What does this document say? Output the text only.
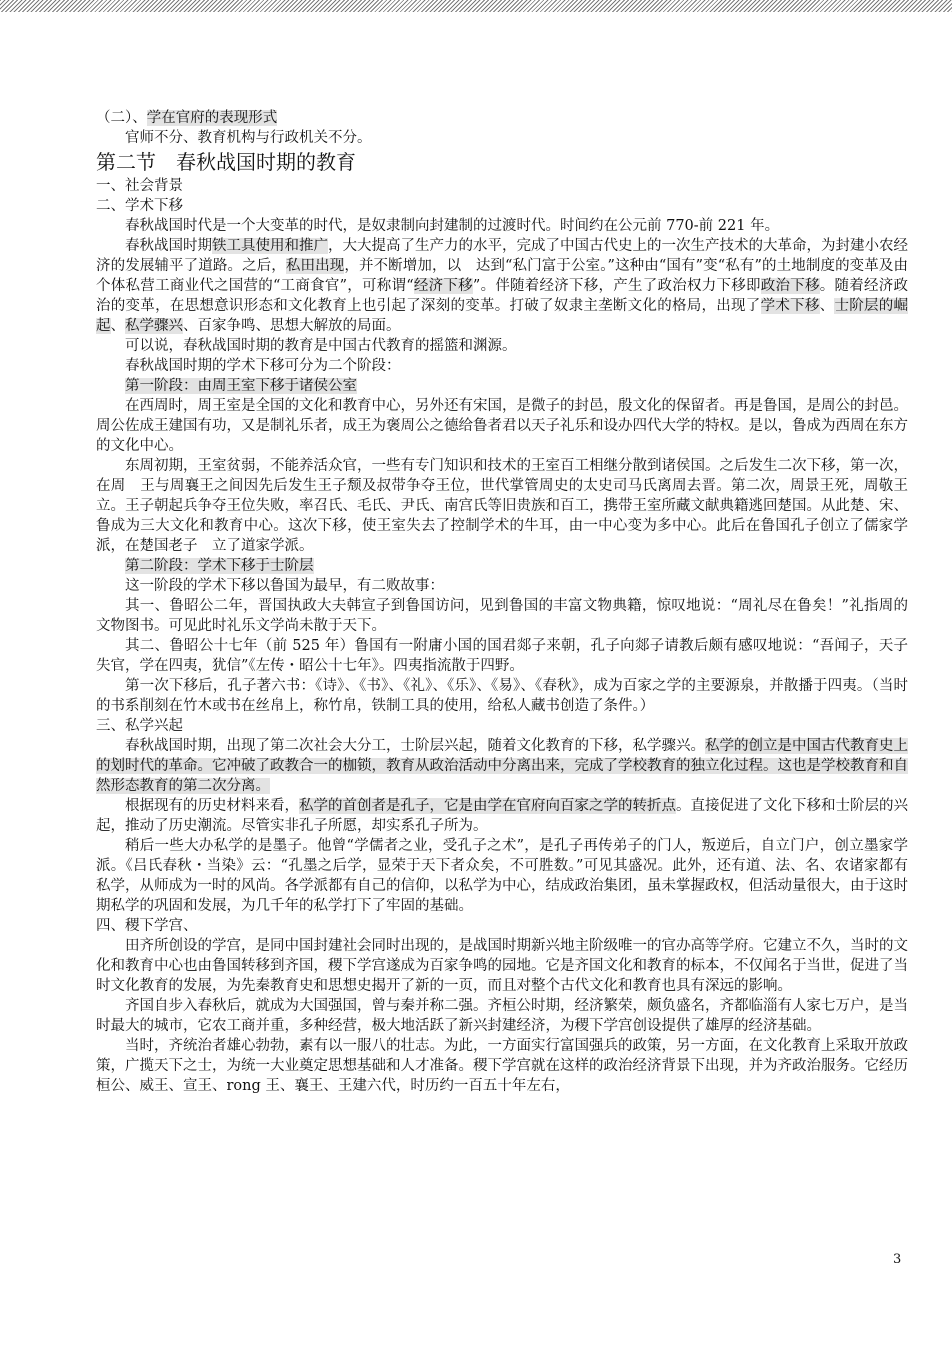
（二）、学在官府的表现形式

官师不分、教育机构与行政机关不分。

第二节　春秋战国时期的教育

一、社会背景

二、学术下移

春秋战国时代是一个大变革的时代，是奴隶制向封建制的过渡时代。时间约在公元前 770-前 221 年。

春秋战国时期铁工具使用和推广，大大提高了生产力的水平，完成了中国古代史上的一次生产技术的大革命，为封建小农经济的发展辅平了道路。之后，私田出现，并不断增加，以　达到“私门富于公室。”这种由“国有”变“私有”的土地制度的变革及由个体私营工商业代之国营的“工商食官”，可称谓“经济下移”。伴随着经济下移，产生了政治权力下移即政治下移。随着经济政治的变革，在思想意识形态和文化教育上也引起了深刻的变革。打破了奴隶主垄断文化的格局，出现了学术下移、士阶层的崛起、私学骤兴、百家争鸣、思想大解放的局面。

可以说，春秋战国时期的教育是中国古代教育的摇篮和渊源。

春秋战国时期的学术下移可分为二个阶段：

第一阶段：由周王室下移于诸侯公室

在西周时，周王室是全国的文化和教育中心，另外还有宋国，是微子的封邑，殷文化的保留者。再是鲁国，是周公的封邑。周公佐成王建国有功，又是制礼乐者，成王为褒周公之德给鲁者君以天子礼乐和设办四代大学的特权。是以，鲁成为西周在东方的文化中心。

东周初期，王室贫弱，不能养活众官，一些有专门知识和技术的王室百工相继分散到诸侯国。之后发生二次下移，第一次，在周　王与周襄王之间因先后发生王子颓及叔带争夺王位，世代掌管周史的太史司马氏离周去晋。第二次，周景王死，周敬王立。王子朝起兵争夺王位失败，率召氏、毛氏、尹氏、南宫氏等旧贵族和百工，携带王室所藏文献典籍逃回楚国。从此楚、宋、鲁成为三大文化和教育中心。这次下移，使王室失去了控制学术的牛耳，由一中心变为多中心。此后在鲁国孔子创立了儒家学派，在楚国老子　立了道家学派。

第二阶段：学术下移于士阶层

这一阶段的学术下移以鲁国为最早，有二败故事：

其一、鲁昭公二年，晋国执政大夫韩宣子到鲁国访问，见到鲁国的丰富文物典籍，惊叹地说：“周礼尽在鲁矣！”礼指周的文物图书。可见此时礼乐文学尚未散于天下。

其二、鲁昭公十七年（前 525 年）鲁国有一附庸小国的国君郯子来朝，孔子向郯子请教后颇有感叹地说：“吾闻子，天子失官，学在四夷，犹信”《左传・昭公十七年》。四夷指流散于四野。

第一次下移后，孔子著六书：《诗》、《书》、《礼》、《乐》、《易》、《春秋》，成为百家之学的主要源泉，并散播于四夷。（当时的书系削刻在竹木或书在丝帛上，称竹帛，铁制工具的使用，给私人藏书创造了条件。）

三、私学兴起

春秋战国时期，出现了第二次社会大分工，士阶层兴起，随着文化教育的下移，私学骤兴。私学的创立是中国古代教育史上的划时代的革命。它冲破了政教合一的枷锁，教育从政治活动中分离出来，完成了学校教育的独立化过程。这也是学校教育和自然形态教育的第二次分离。

根据现有的历史材料来看，私学的首创者是孔子，它是由学在官府向百家之学的转折点。直接促进了文化下移和士阶层的兴起，推动了历史潮流。尽管实非孔子所愿，却实系孔子所为。

稍后一些大办私学的是墨子。他曾“学儒者之业，受孔子之术”，是孔子再传弟子的门人，叛逆后，自立门户，创立墨家学派。《吕氏春秋・当染》云：“孔墨之后学，显荣于天下者众矣，不可胜数。”可见其盛况。此外，还有道、法、名、农诸家都有私学，从师成为一时的风尚。各学派都有自己的信仰，以私学为中心，结成政治集团，虽未掌握政权，但活动量很大，由于这时期私学的巩固和发展，为几千年的私学打下了牢固的基础。

四、稷下学宫、

田齐所创设的学宫，是同中国封建社会同时出现的，是战国时期新兴地主阶级唯一的官办高等学府。它建立不久，当时的文化和教育中心也由鲁国转移到齐国，稷下学宫遂成为百家争鸣的园地。它是齐国文化和教育的标本，不仅闻名于当世，促进了当时文化教育的发展，为先秦教育史和思想史揭开了新的一页，而且对整个古代文化和教育也具有深远的影响。

齐国自步入春秋后，就成为大国强国，曾与秦并称二强。齐桓公时期，经济繁荣，颇负盛名，齐都临淄有人家七万户，是当时最大的城市，它农工商并重，多种经营，极大地活跃了新兴封建经济，为稷下学宫创设提供了雄厚的经济基础。

当时，齐统治者雄心勃勃，素有以一服八的壮志。为此，一方面实行富国强兵的政策，另一方面，在文化教育上采取开放政策，广揽天下之士，为统一大业奠定思想基础和人才准备。稷下学宫就在这样的政治经济背景下出现，并为齐政治服务。它经历桓公、威王、宣王、rong 王、襄王、王建六代，时历约一百五十年左右，

3
